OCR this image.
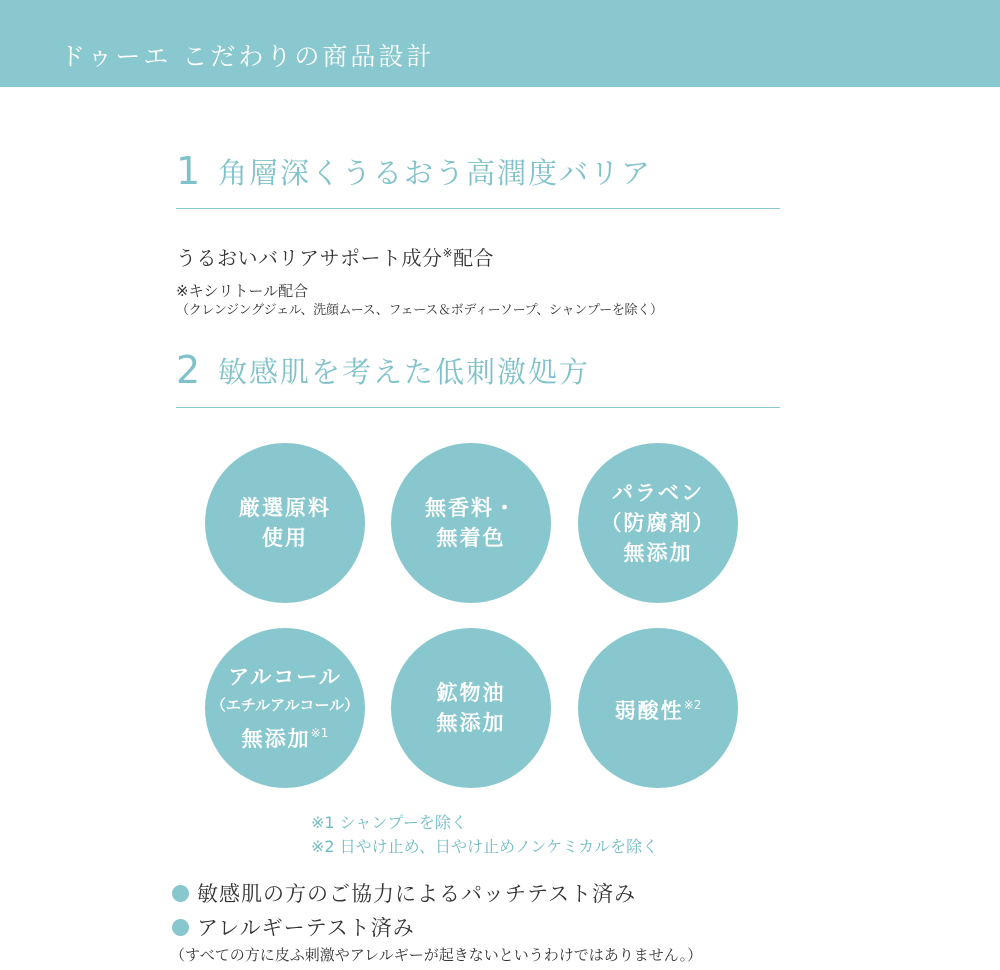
ドゥーエ こだわりの商品設計
1 角層深くうるおう高潤度バリア
うるおいバリアサポート成分※配合
※キシリトール配合
（クレンジングジェル、洗顔ムース、フェース＆ボディーソープ、シャンプーを除く）
2 敏感肌を考えた低刺激処方
厳選原料
使用
無香料・
無着色
パラベン
（防腐剤）
無添加
アルコール
（エチルアルコール）
無添加$^{※1}$
鉱物油
無添加	弱酸性$^{※2}$
※1 シャンプーを除く
※2 日やけ止め、日やけ止めノンケミカルを除く
敏感肌の方のご協力によるパッチテスト済み
アレルギーテスト済み
（すべての方に皮ふ刺激やアレルギーが起きないというわけではありません。）
